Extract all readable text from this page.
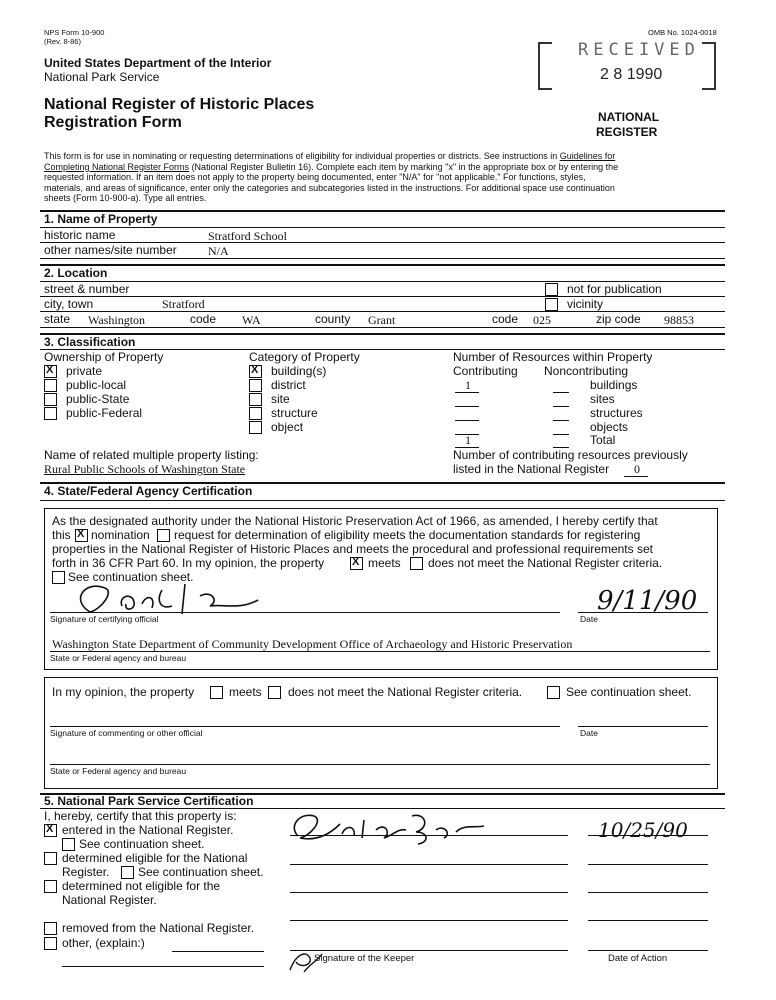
NPS Form 10-900
(Rev. 8-86)
OMB No. 1024-0018
United States Department of the Interior
National Park Service
National Register of Historic Places
Registration Form
RECEIVED
2 8 1990
NATIONAL
REGISTER
This form is for use in nominating or requesting determinations of eligibility for individual properties or districts. See instructions in Guidelines for
Completing National Register Forms (National Register Bulletin 16). Complete each item by marking "x" in the appropriate box or by entering the
requested information. If an item does not apply to the property being documented, enter "N/A" for "not applicable." For functions, styles,
materials, and areas of significance, enter only the categories and subcategories listed in the instructions. For additional space use continuation
sheets (Form 10-900-a). Type all entries.
1. Name of Property
historic name	Stratford School
other names/site number	N/A
2. Location
street & number	not for publication
city, town	Stratford	vicinity
state Washington	code WA	county Grant	code 025	zip code 98853
3. Classification
Ownership of Property
X
private
public-local
public-State
public-Federal
Category of Property
X
building(s)
district
site
structure
object
Number of Resources within Property
Contributing Noncontributing
1	buildings
sites
structures
objects
1	Total
Name of related multiple property listing:
Rural Public Schools of Washington State
Number of contributing resources previously
listed in the National Register 0
4. State/Federal Agency Certification
As the designated authority under the National Historic Preservation Act of 1966, as amended, I hereby certify that
this X nomination request for determination of eligibility meets the documentation standards for registering
properties in the National Register of Historic Places and meets the procedural and professional requirements set
forth in 36 CFR Part 60. In my opinion, the property X	meets does not meet the National Register criteria.
See continuation sheet.
Signature of certifying official
9/11/90
Date
Washington State Department of Community Development Office of Archaeology and Historic Preservation
State or Federal agency and bureau
In my opinion, the property	meets does not meet the National Register criteria.	See continuation sheet.
Signature of commenting or other official	Date
State or Federal agency and bureau
5. National Park Service Certification
I, hereby, certify that this property is:
X
entered in the National Register.
See continuation sheet.
determined eligible for the National
Register. See continuation sheet.
determined not eligible for the
National Register.
removed from the National Register.
other, (explain:)
10/25/90
Signature of the Keeper	Date of Action
